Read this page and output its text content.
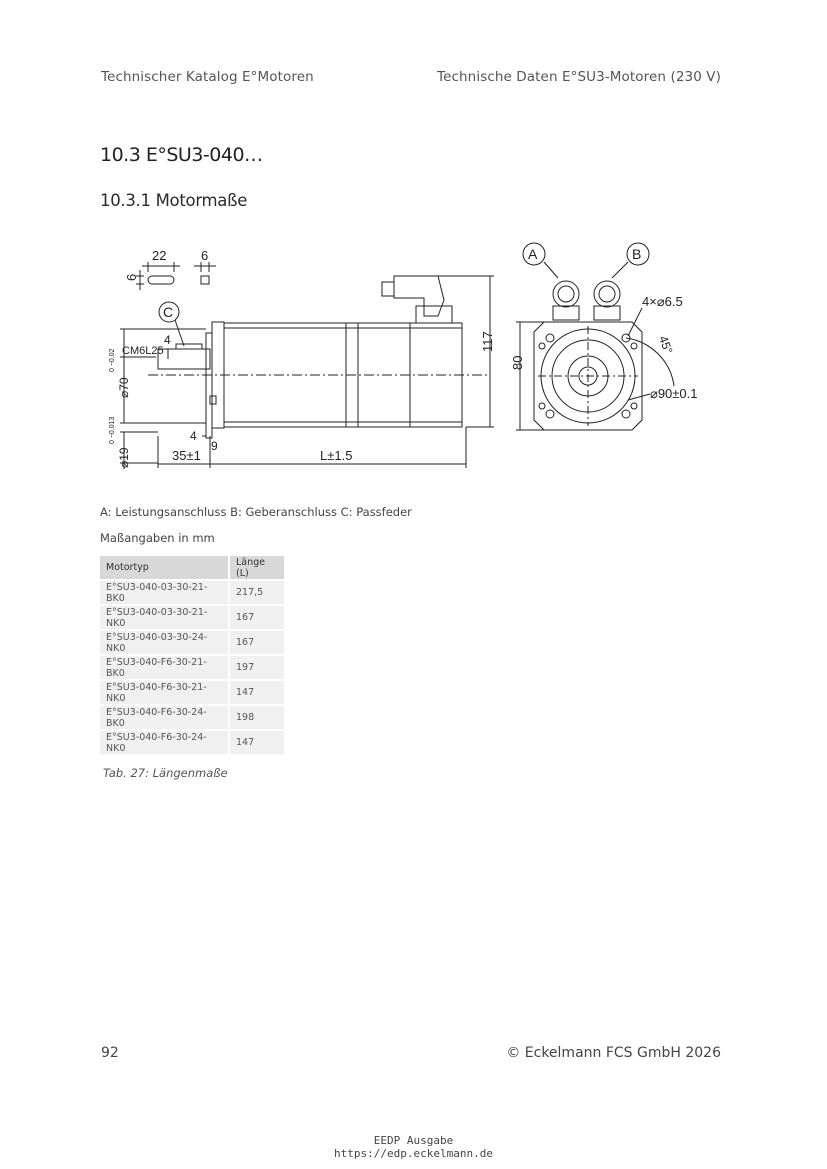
Technischer Katalog E°Motoren	Technische Daten E°SU3-Motoren (230 V)
10.3 E°SU3-040…
10.3.1 Motormaße
22
6
6
C
CM6L25
4
⌀70
0 −0.02
⌀19
0 −0.013	4
9
35±1	L±1.5
117
A	B
80
4×⌀6.5
45°
⌀90±0.1
A: Leistungsanschluss B: Geberanschluss C: Passfeder
Maßangaben in mm
Motortyp	Länge (L)
E°SU3-040-03-30-21-BK0	217,5
E°SU3-040-03-30-21-NK0	167
E°SU3-040-03-30-24-NK0	167
E°SU3-040-F6-30-21-BK0	197
E°SU3-040-F6-30-21-NK0	147
E°SU3-040-F6-30-24-BK0	198
E°SU3-040-F6-30-24-NK0	147
Tab. 27: Längenmaße
92	© Eckelmann FCS GmbH 2026
EEDP Ausgabe
https://edp.eckelmann.de
